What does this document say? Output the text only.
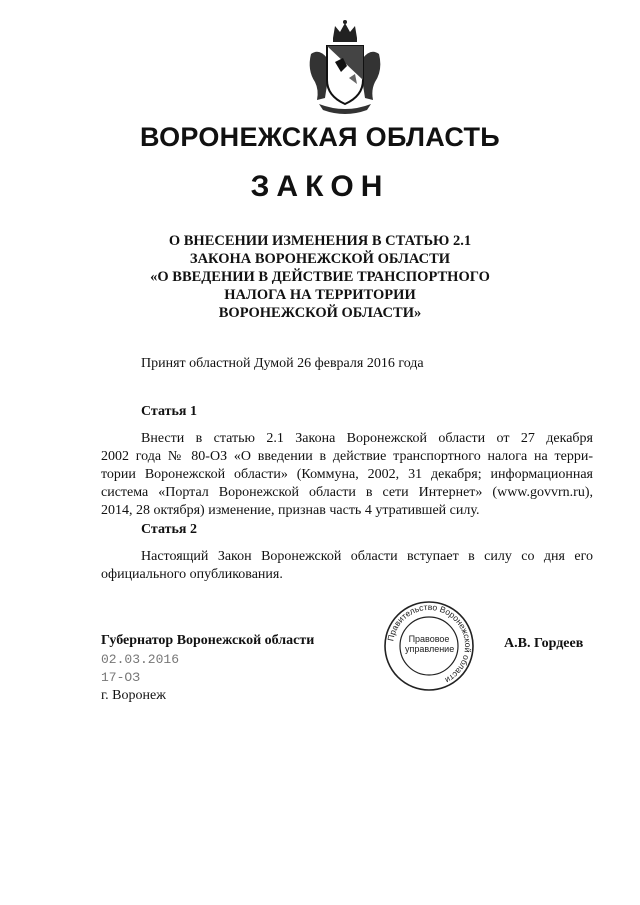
ВОРОНЕЖСКАЯ ОБЛАСТЬ
ЗАКОН
О ВНЕСЕНИИ ИЗМЕНЕНИЯ В СТАТЬЮ 2.1
ЗАКОНА ВОРОНЕЖСКОЙ ОБЛАСТИ
«О ВВЕДЕНИИ В ДЕЙСТВИЕ ТРАНСПОРТНОГО
НАЛОГА НА ТЕРРИТОРИИ
ВОРОНЕЖСКОЙ ОБЛАСТИ»
Принят областной Думой 26 февраля 2016 года
Статья 1
Внести в статью 2.1 Закона Воронежской области от 27 декабря
2002 года № 80-ОЗ «О введении в действие транспортного налога на терри-
тории Воронежской области» (Коммуна, 2002, 31 декабря; информационная
система «Портал Воронежской области в сети Интернет» (www.govvrn.ru),
2014, 28 октября) изменение, признав часть 4 утратившей силу.
Статья 2
Настоящий Закон Воронежской области вступает в силу со дня его
официального опубликования.
Губернатор Воронежской области
02.03.2016
17-ОЗ
г. Воронеж
Правительство Воронежской области
Правовое
управление	А.В. Гордеев
